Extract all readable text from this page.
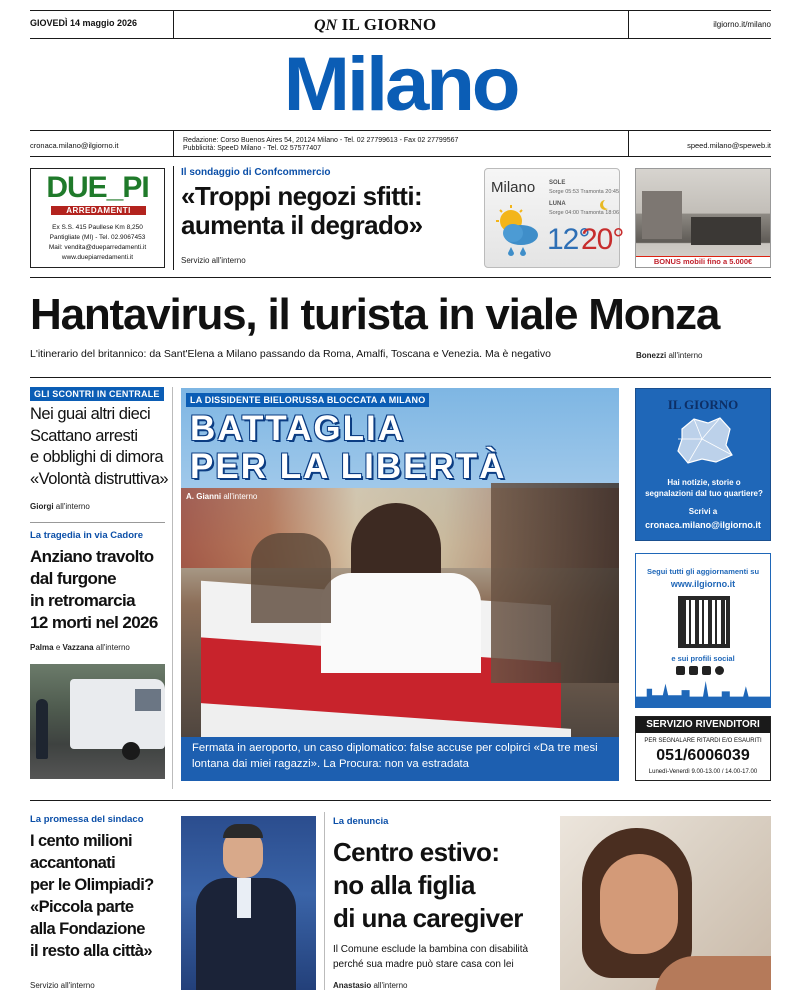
GIOVEDÌ 14 maggio 2026	QN IL GIORNO	ilgiorno.it/milano
Milano
cronaca.milano@ilgiorno.it
Redazione: Corso Buenos Aires 54, 20124 Milano - Tel. 02 27799613 - Fax 02 27799567
Pubblicità: SpeeD Milano - Tel. 02 57577407	speed.milano@speweb.it
DUE_PI
ARREDAMENTI
Ex S.S. 415 Paullese Km 8,250
Pantigliate (MI) - Tel. 02.9067453
Mail: vendita@dueparredamenti.it
www.duepiarredamenti.it
Il sondaggio di Confcommercio
«Troppi negozi sfitti: aumenta il degrado»
Servizio all'interno
Milano SOLE
Sorge 05:53 Tramonta 20:45
LUNA
Sorge 04:00 Tramonta 18:06
12°
20°
BONUS mobili fino a 5.000€
Hantavirus, il turista in viale Monza
L'itinerario del britannico: da Sant'Elena a Milano passando da Roma, Amalfi, Toscana e Venezia. Ma è negativo	Bonezzi all'interno
GLI SCONTRI IN CENTRALE
Nei guai altri dieci
Scattano arresti
e obblighi di dimora
«Volontà distruttiva»
Giorgi all'interno
La tragedia in via Cadore
Anziano travolto
dal furgone
in retromarcia
12 morti nel 2026
Palma e Vazzana all'interno
LA DISSIDENTE BIELORUSSA BLOCCATA A MILANO
BATTAGLIA
PER LA LIBERTÀ
A. Gianni all'interno
Fermata in aeroporto, un caso diplomatico: false accuse per colpirci «Da tre mesi lontana dai miei ragazzi». La Procura: non va estradata
IL GIORNO
Hai notizie, storie o segnalazioni dal tuo quartiere?
Scrivi a
cronaca.milano@ilgiorno.it
Segui tutti gli aggiornamenti su
www.ilgiorno.it
e sui profili social
SERVIZIO RIVENDITORI
PER SEGNALARE RITARDI E/O ESAURITI
051/6006039
Lunedì-Venerdì 9.00-13.00 / 14.00-17.00
La promessa del sindaco
I cento milioni
accantonati
per le Olimpiadi?
«Piccola parte
alla Fondazione
il resto alla città»
Servizio all'interno
La denuncia
Centro estivo:
no alla figlia
di una caregiver
Il Comune esclude la bambina con disabilità perché sua madre può stare casa con lei
Anastasio all'interno
